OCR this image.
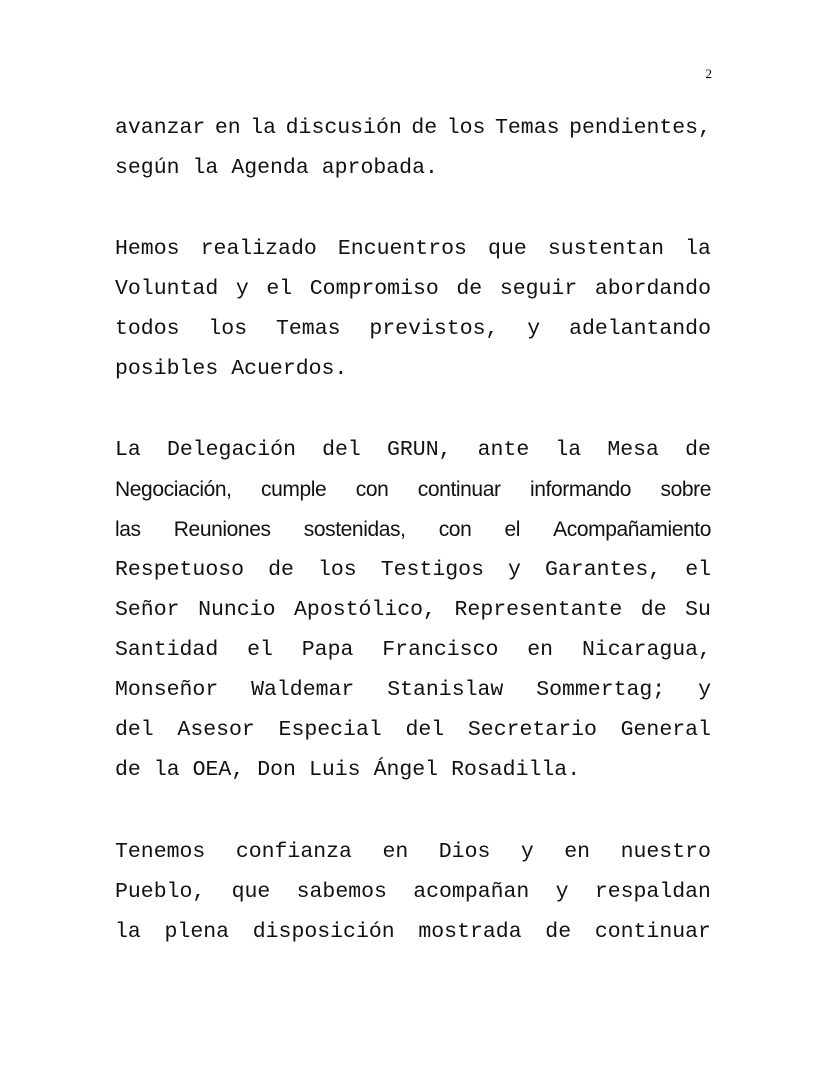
2
avanzar en la discusión de los Temas pendientes,
según la Agenda aprobada.
Hemos realizado Encuentros que sustentan la
Voluntad y el Compromiso de seguir abordando
todos los Temas previstos, y adelantando
posibles Acuerdos.
La Delegación del GRUN, ante la Mesa de
Negociación, cumple con continuar informando sobre
las Reuniones sostenidas, con el Acompañamiento
Respetuoso de los Testigos y Garantes, el
Señor Nuncio Apostólico, Representante de Su
Santidad el Papa Francisco en Nicaragua,
Monseñor Waldemar Stanislaw Sommertag; y
del Asesor Especial del Secretario General
de la OEA, Don Luis Ángel Rosadilla.
Tenemos confianza en Dios y en nuestro
Pueblo, que sabemos acompañan y respaldan
la plena disposición mostrada de continuar
